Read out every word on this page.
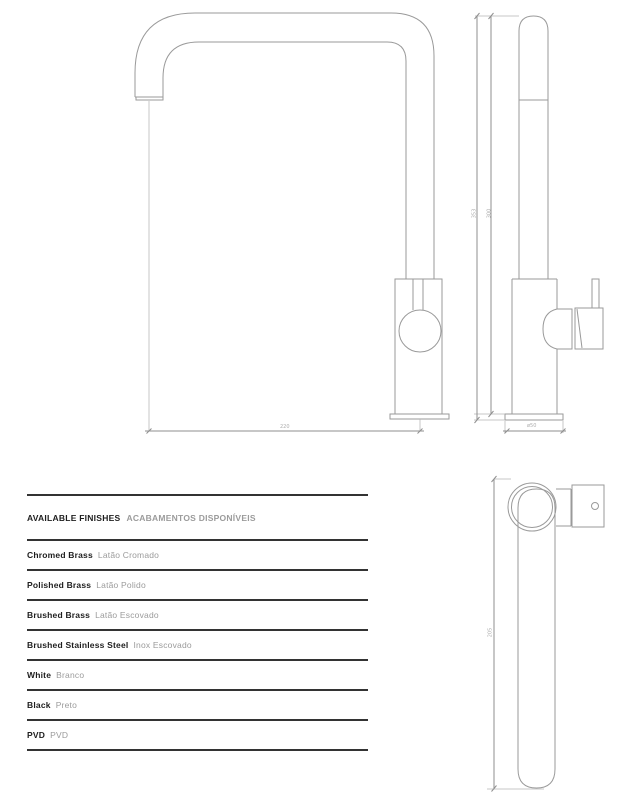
220
353 300
ø50
205
AVAILABLE FINISHES ACABAMENTOS DISPONÍVEIS
Chromed Brass Latão Cromado
Polished Brass Latão Polido
Brushed Brass Latão Escovado
Brushed Stainless Steel Inox Escovado
White Branco
Black Preto
PVD PVD
